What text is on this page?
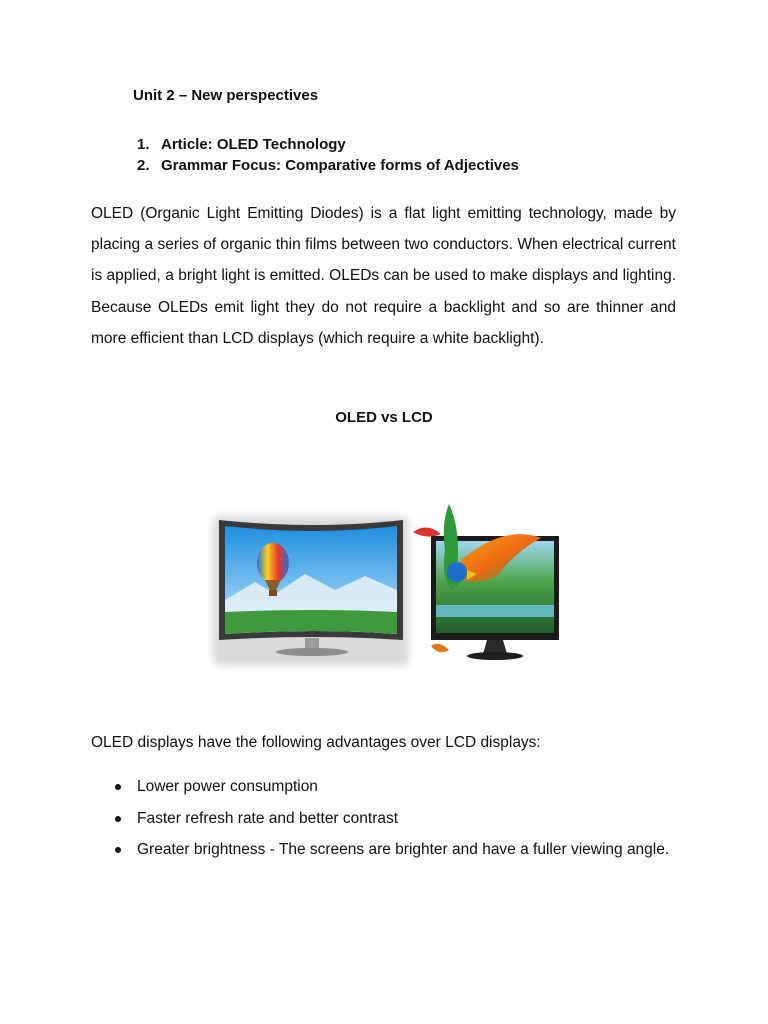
Unit 2 – New perspectives
1. Article: OLED Technology
2. Grammar Focus: Comparative forms of Adjectives

OLED (Organic Light Emitting Diodes) is a flat light emitting technology, made by placing a series of organic thin films between two conductors. When electrical current is applied, a bright light is emitted. OLEDs can be used to make displays and lighting. Because OLEDs emit light they do not require a backlight and so are thinner and more efficient than LCD displays (which require a white backlight).

OLED vs LCD

OLED displays have the following advantages over LCD displays:

Lower power consumption
Faster refresh rate and better contrast
Greater brightness - The screens are brighter and have a fuller viewing angle.
